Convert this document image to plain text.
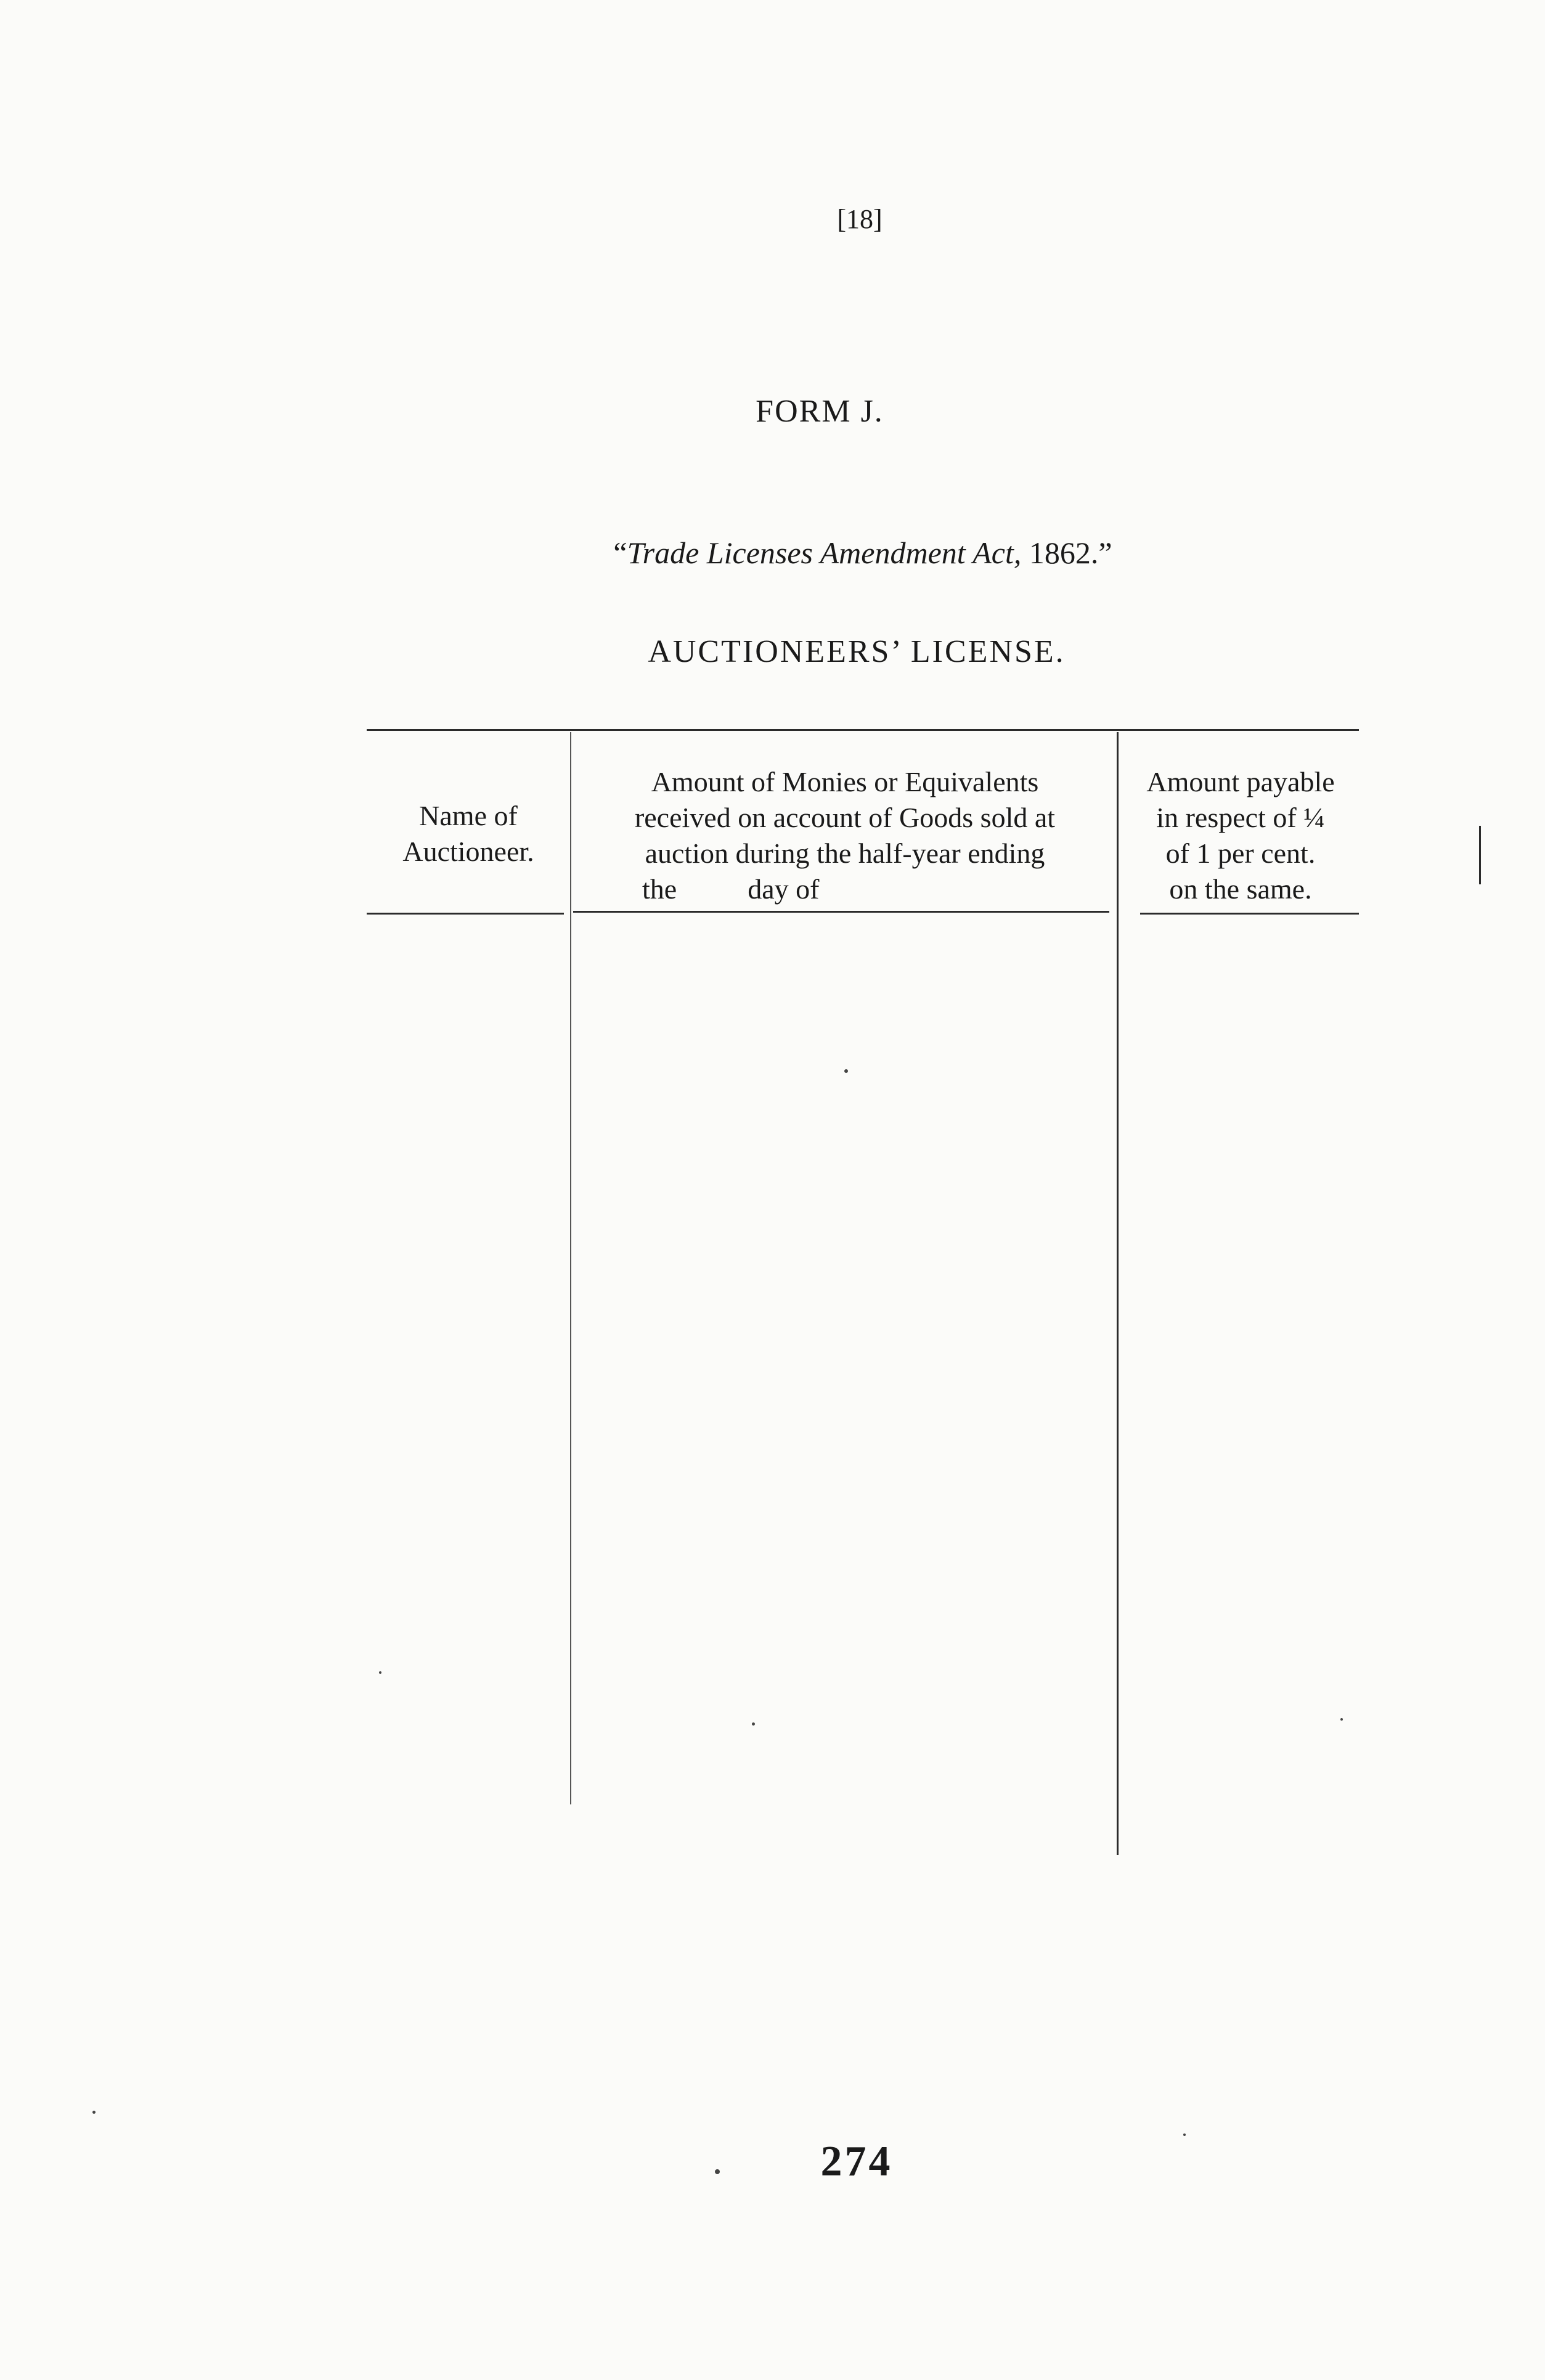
[18]
FORM J.
“Trade Licenses Amendment Act, 1862.”
AUCTIONEERS’ LICENSE.
Name of
Auctioneer.
Amount of Monies or Equivalents
received on account of Goods sold at
auction during the half-year ending
the          day of
Amount payable
in respect of ¼
of 1 per cent.
on the same.
274
